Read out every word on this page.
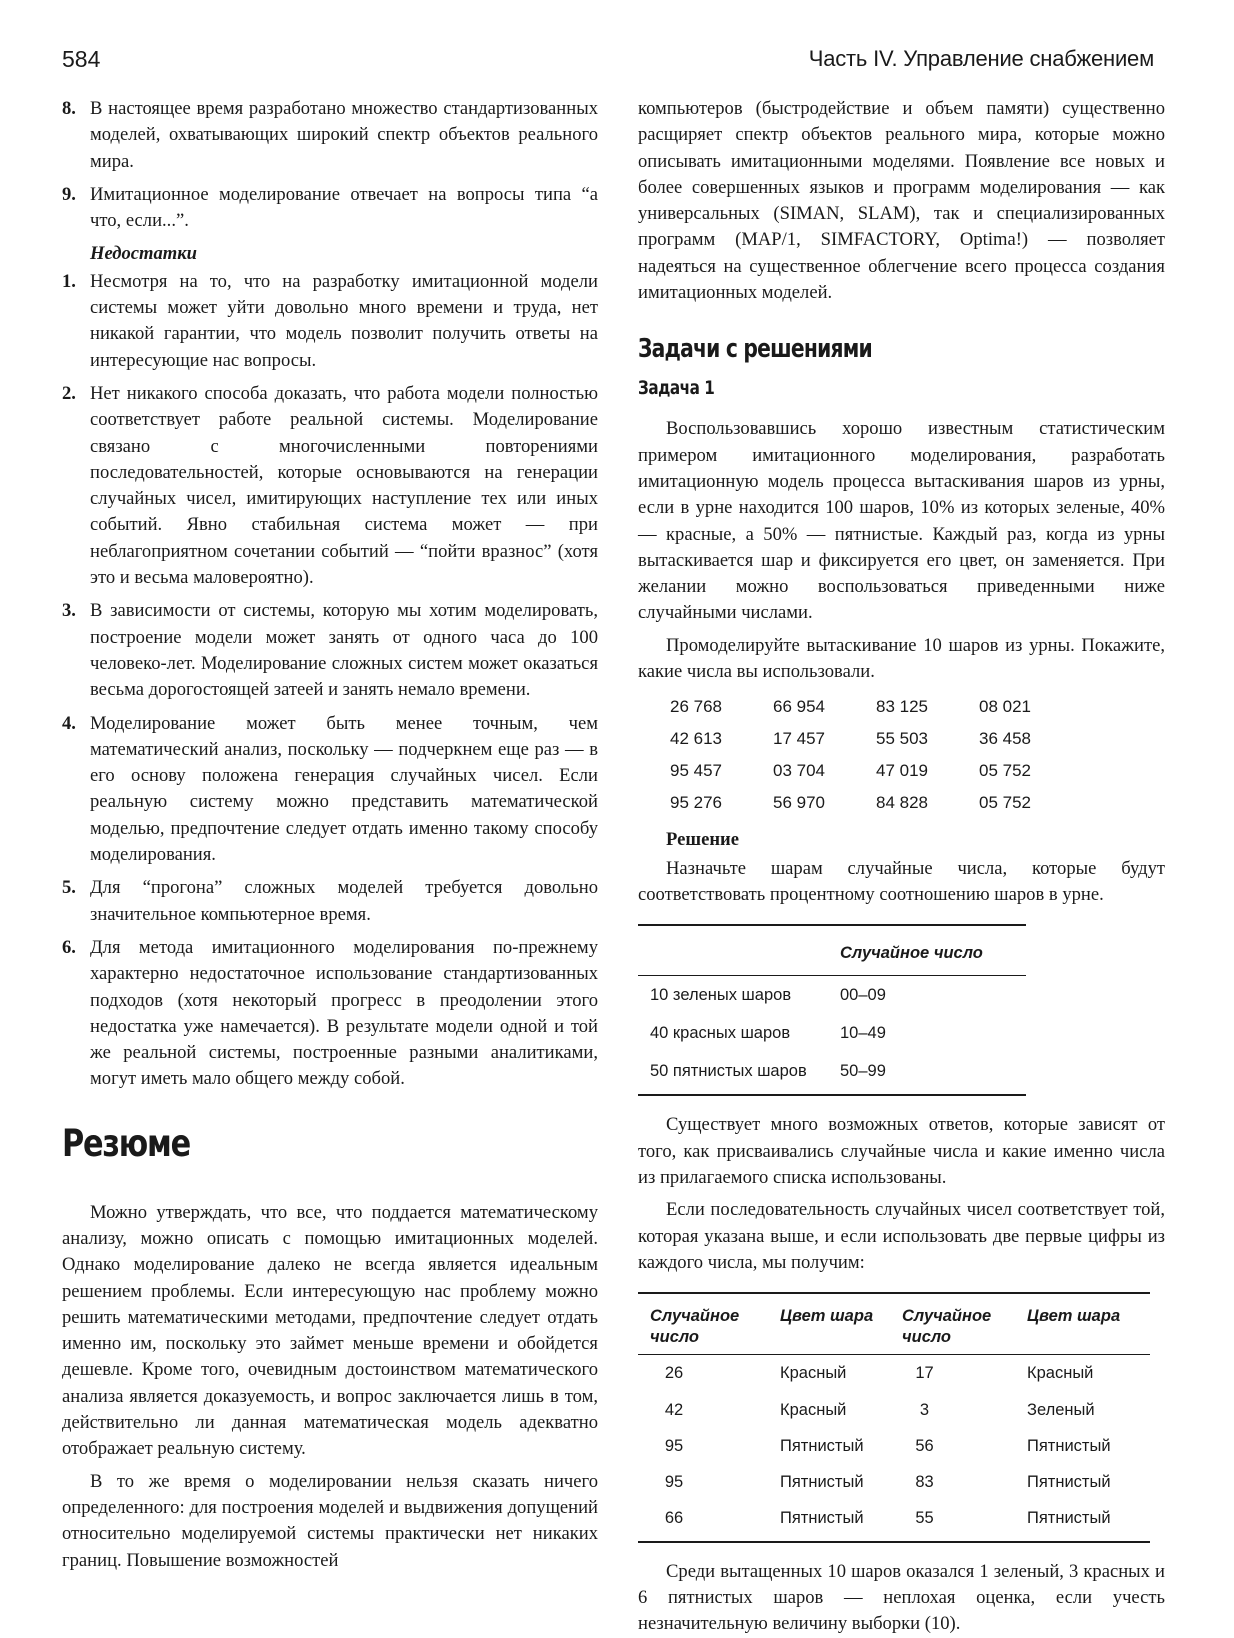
584	Часть IV. Управление снабжением
8. В настоящее время разработано множество стандартизованных моделей, охватывающих широкий спектр объектов реального мира.
9. Имитационное моделирование отвечает на вопросы типа “а что, если...”.
Недостатки
1. Несмотря на то, что на разработку имитационной модели системы может уйти довольно много времени и труда, нет никакой гарантии, что модель позволит получить ответы на интересующие нас вопросы.
2. Нет никакого способа доказать, что работа модели полностью соответствует работе реальной системы. Моделирование связано с многочисленными повторениями последовательностей, которые основываются на генерации случайных чисел, имитирующих наступление тех или иных событий. Явно стабильная система может — при неблагоприятном сочетании событий — “пойти вразнос” (хотя это и весьма маловероятно).
3. В зависимости от системы, которую мы хотим моделировать, построение модели может занять от одного часа до 100 человеко-лет. Моделирование сложных систем может оказаться весьма дорогостоящей затеей и занять немало времени.
4. Моделирование может быть менее точным, чем математический анализ, поскольку — подчеркнем еще раз — в его основу положена генерация случайных чисел. Если реальную систему можно представить математической моделью, предпочтение следует отдать именно такому способу моделирования.
5. Для “прогона” сложных моделей требуется довольно значительное компьютерное время.
6. Для метода имитационного моделирования по-прежнему характерно недостаточное использование стандартизованных подходов (хотя некоторый прогресс в преодолении этого недостатка уже намечается). В результате модели одной и той же реальной системы, построенные разными аналитиками, могут иметь мало общего между собой.
Резюме

Можно утверждать, что все, что поддается математическому анализу, можно описать с помощью имитационных моделей. Однако моделирование далеко не всегда является идеальным решением проблемы. Если интересующую нас проблему можно решить математическими методами, предпочтение следует отдать именно им, поскольку это займет меньше времени и обойдется дешевле. Кроме того, очевидным достоинством математического анализа является доказуемость, и вопрос заключается лишь в том, действительно ли данная математическая модель адекватно отображает реальную систему.

В то же время о моделировании нельзя сказать ничего определенного: для построения моделей и выдвижения допущений относительно моделируемой системы практически нет никаких границ. Повышение возможностей

компьютеров (быстродействие и объем памяти) существенно расщиряет спектр объектов реального мира, которые можно описывать имитационными моделями. Появление все новых и более совершенных языков и программ моделирования — как универсальных (SIMAN, SLAM), так и специализированных программ (MAP/1, SIMFACTORY, Optima!) — позволяет надеяться на существенное облегчение всего процесса создания имитационных моделей.

Задачи с решениями
Задача 1

Воспользовавшись хорошо известным статистическим примером имитационного моделирования, разработать имитационную модель процесса вытаскивания шаров из урны, если в урне находится 100 шаров, 10% из которых зеленые, 40% — красные, а 50% — пятнистые. Каждый раз, когда из урны вытаскивается шар и фиксируется его цвет, он заменяется. При желании можно воспользоваться приведенными ниже случайными числами.

Промоделируйте вытаскивание 10 шаров из урны. Покажите, какие числа вы использовали.

26 768	66 954	83 125	08 021
42 613	17 457	55 503	36 458
95 457	03 704	47 019	05 752
95 276	56 970	84 828	05 752
Решение

Назначьте шарам случайные числа, которые будут соответствовать процентному соотношению шаров в урне.

	Случайное число
10 зеленых шаров	00–09
40 красных шаров	10–49
50 пятнистых шаров	50–99

Существует много возможных ответов, которые зависят от того, как присваивались случайные числа и какие именно числа из прилагаемого списка использованы.

Если последовательность случайных чисел соответствует той, которая указана выше, и если использовать две первые цифры из каждого числа, мы получим:

Случайное число	Цвет шара	Случайное число	Цвет шара
26	Красный	17	Красный
42	Красный	3	Зеленый
95	Пятнистый	56	Пятнистый
95	Пятнистый	83	Пятнистый
66	Пятнистый	55	Пятнистый

Среди вытащенных 10 шаров оказался 1 зеленый, 3 красных и 6 пятнистых шаров — неплохая оценка, если учесть незначительную величину выборки (10).
